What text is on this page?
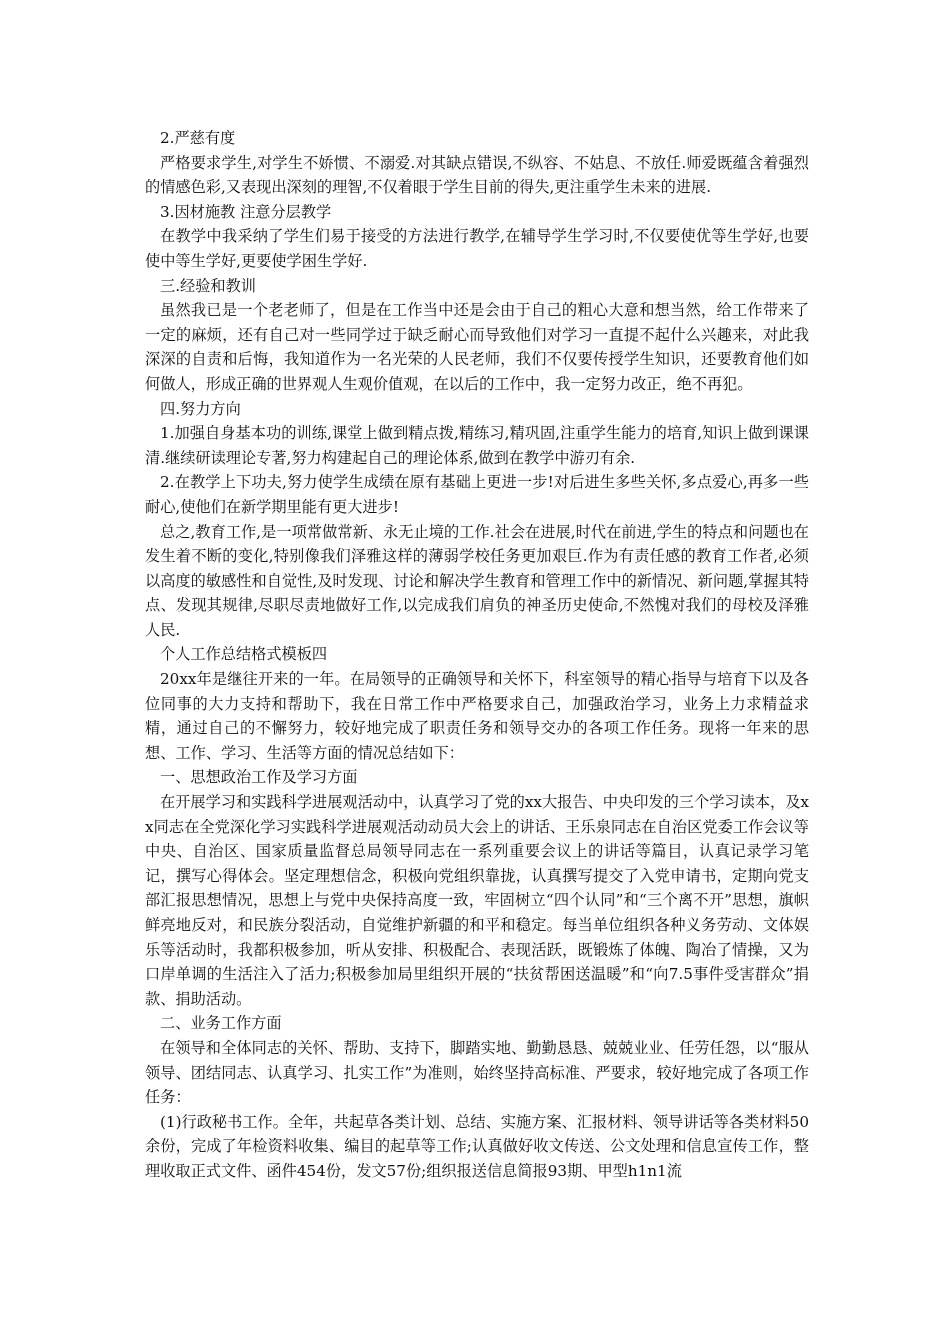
2.严慈有度

严格要求学生,对学生不娇惯、不溺爱.对其缺点错误,不纵容、不姑息、不放任.师爱既蕴含着强烈的情感色彩,又表现出深刻的理智,不仅着眼于学生目前的得失,更注重学生未来的进展.

3.因材施教 注意分层教学

在教学中我采纳了学生们易于接受的方法进行教学,在辅导学生学习时,不仅要使优等生学好,也要使中等生学好,更要使学困生学好.

三.经验和教训

虽然我已是一个老老师了，但是在工作当中还是会由于自己的粗心大意和想当然，给工作带来了一定的麻烦，还有自己对一些同学过于缺乏耐心而导致他们对学习一直提不起什么兴趣来，对此我深深的自责和后悔，我知道作为一名光荣的人民老师，我们不仅要传授学生知识，还要教育他们如何做人，形成正确的世界观人生观价值观，在以后的工作中，我一定努力改正，绝不再犯。

四.努力方向

1.加强自身基本功的训练,课堂上做到精点拨,精练习,精巩固,注重学生能力的培育,知识上做到课课清.继续研读理论专著,努力构建起自己的理论体系,做到在教学中游刃有余.

2.在教学上下功夫,努力使学生成绩在原有基础上更进一步!对后进生多些关怀,多点爱心,再多一些耐心,使他们在新学期里能有更大进步!

总之,教育工作,是一项常做常新、永无止境的工作.社会在进展,时代在前进,学生的特点和问题也在发生着不断的变化,特别像我们泽雅这样的薄弱学校任务更加艰巨.作为有责任感的教育工作者,必须以高度的敏感性和自觉性,及时发现、讨论和解决学生教育和管理工作中的新情况、新问题,掌握其特点、发现其规律,尽职尽责地做好工作,以完成我们肩负的神圣历史使命,不然愧对我们的母校及泽雅人民.

个人工作总结格式模板四

20xx年是继往开来的一年。在局领导的正确领导和关怀下，科室领导的精心指导与培育下以及各位同事的大力支持和帮助下，我在日常工作中严格要求自己，加强政治学习，业务上力求精益求精，通过自己的不懈努力，较好地完成了职责任务和领导交办的各项工作任务。现将一年来的思想、工作、学习、生活等方面的情况总结如下：

一、思想政治工作及学习方面

在开展学习和实践科学进展观活动中，认真学习了党的xx大报告、中央印发的三个学习读本，及xx同志在全党深化学习实践科学进展观活动动员大会上的讲话、王乐泉同志在自治区党委工作会议等中央、自治区、国家质量监督总局领导同志在一系列重要会议上的讲话等篇目，认真记录学习笔记，撰写心得体会。坚定理想信念，积极向党组织靠拢，认真撰写提交了入党申请书，定期向党支部汇报思想情况，思想上与党中央保持高度一致，牢固树立“四个认同”和“三个离不开”思想，旗帜鲜亮地反对，和民族分裂活动，自觉维护新疆的和平和稳定。每当单位组织各种义务劳动、文体娱乐等活动时，我都积极参加，听从安排、积极配合、表现活跃，既锻炼了体魄、陶冶了情操，又为口岸单调的生活注入了活力;积极参加局里组织开展的“扶贫帮困送温暖”和“向7.5事件受害群众”捐款、捐助活动。

二、业务工作方面

在领导和全体同志的关怀、帮助、支持下，脚踏实地、勤勤恳恳、兢兢业业、任劳任怨，以“服从领导、团结同志、认真学习、扎实工作”为准则，始终坚持高标准、严要求，较好地完成了各项工作任务：

(1)行政秘书工作。全年，共起草各类计划、总结、实施方案、汇报材料、领导讲话等各类材料50余份，完成了年检资料收集、编目的起草等工作;认真做好收文传送、公文处理和信息宣传工作，整理收取正式文件、函件454份，发文57份;组织报送信息简报93期、甲型h1n1流
